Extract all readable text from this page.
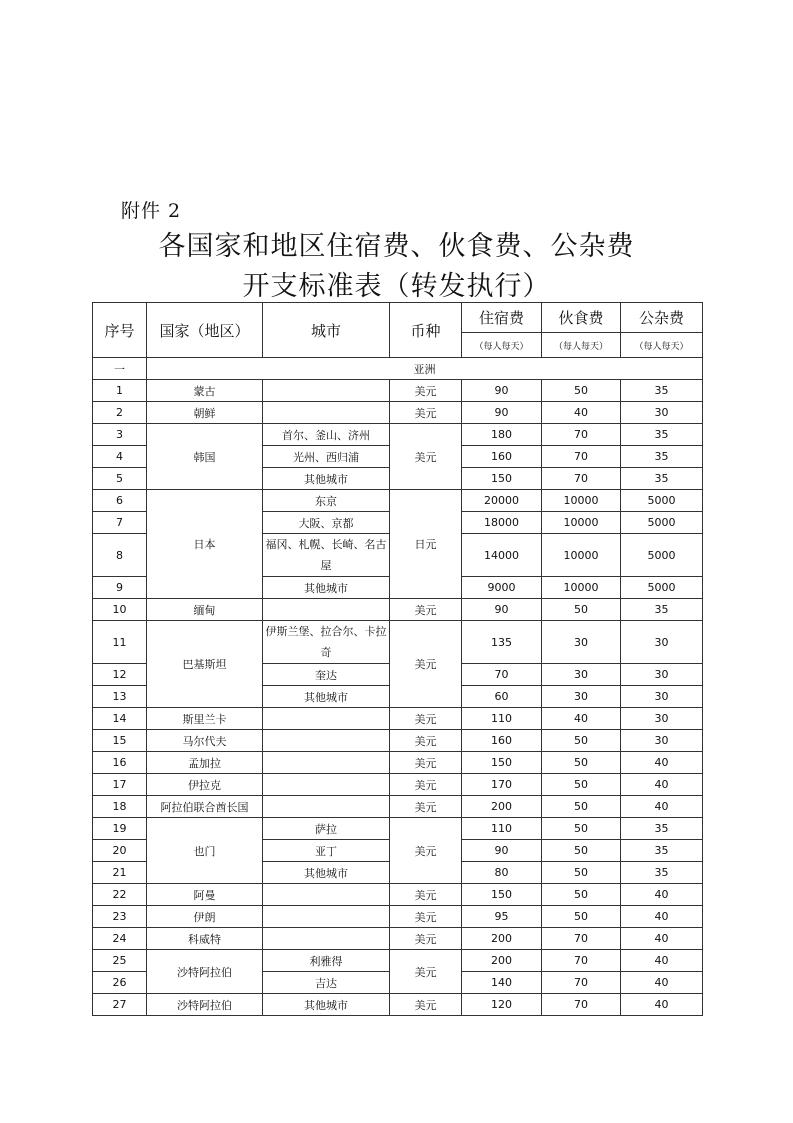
附件 2
各国家和地区住宿费、伙食费、公杂费
开支标准表（转发执行）
序号	国家（地区）	城市	币种	住宿费	伙食费	公杂费
				（每人每天）	（每人每天）	（每人每天）
一	亚洲					
1	蒙古		美元	90	50	35
2	朝鲜		美元	90	40	30
3	韩国	首尔、釜山、济州	美元	180	70	35
4		光州、西归浦		160	70	35
5		其他城市		150	70	35
6	日本	东京	日元	20000	10000	5000
7		大阪、京都		18000	10000	5000
8		福冈、札幌、长崎、名古屋		14000	10000	5000
9		其他城市		9000	10000	5000
10	缅甸		美元	90	50	35
11	巴基斯坦	伊斯兰堡、拉合尔、卡拉奇	美元	135	30	30
12		奎达		70	30	30
13		其他城市		60	30	30
14	斯里兰卡		美元	110	40	30
15	马尔代夫		美元	160	50	30
16	孟加拉		美元	150	50	40
17	伊拉克		美元	170	50	40
18	阿拉伯联合酋长国		美元	200	50	40
19	也门	萨拉	美元	110	50	35
20		亚丁		90	50	35
21		其他城市		80	50	35
22	阿曼		美元	150	50	40
23	伊朗		美元	95	50	40
24	科威特		美元	200	70	40
25	沙特阿拉伯	利雅得	美元	200	70	40
26		吉达		140	70	40
27	沙特阿拉伯	其他城市	美元	120	70	40
